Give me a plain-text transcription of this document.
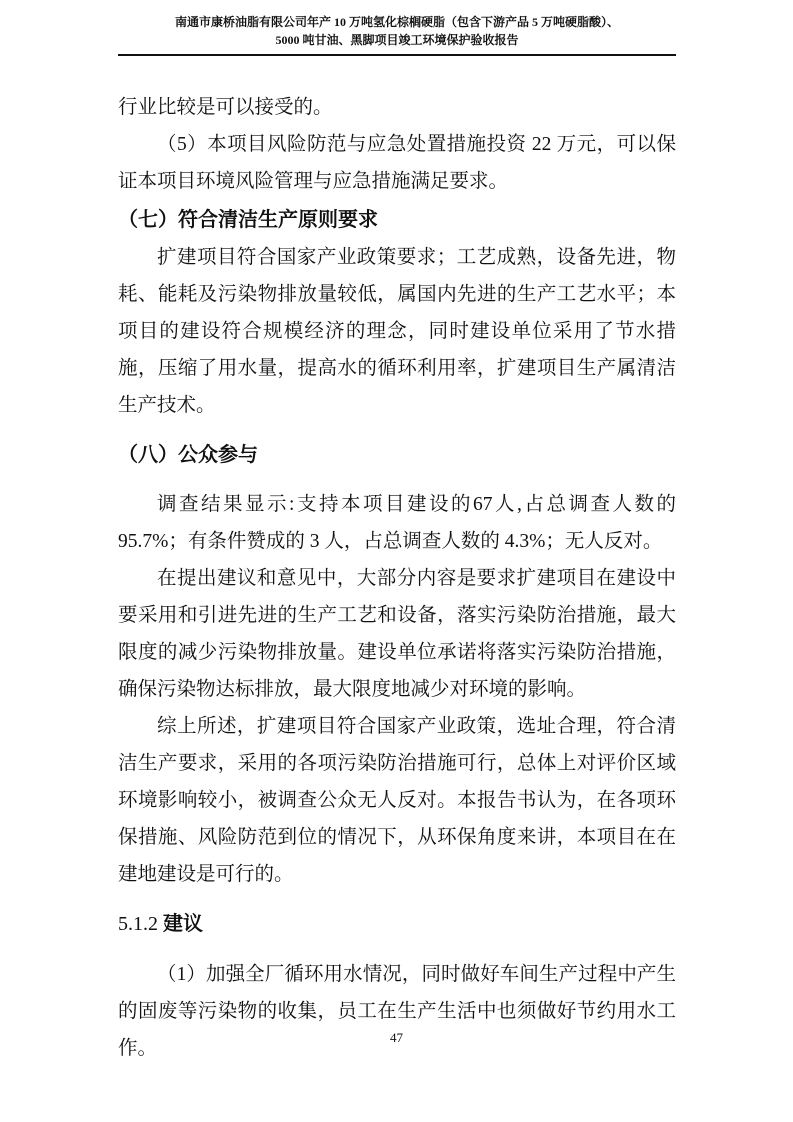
南通市康桥油脂有限公司年产 10 万吨氢化棕榈硬脂（包含下游产品 5 万吨硬脂酸）、
5000 吨甘油、黑脚项目竣工环境保护验收报告

行业比较是可以接受的。

（5）本项目风险防范与应急处置措施投资 22 万元，可以保证本项目环境风险管理与应急措施满足要求。

（七）符合清洁生产原则要求

扩建项目符合国家产业政策要求；工艺成熟，设备先进，物耗、能耗及污染物排放量较低，属国内先进的生产工艺水平；本项目的建设符合规模经济的理念，同时建设单位采用了节水措施，压缩了用水量，提高水的循环利用率，扩建项目生产属清洁生产技术。

（八）公众参与

调查结果显示:支持本项目建设的67人,占总调查人数的95.7%；有条件赞成的 3 人，占总调查人数的 4.3%；无人反对。

在提出建议和意见中，大部分内容是要求扩建项目在建设中要采用和引进先进的生产工艺和设备，落实污染防治措施，最大限度的减少污染物排放量。建设单位承诺将落实污染防治措施，确保污染物达标排放，最大限度地减少对环境的影响。

综上所述，扩建项目符合国家产业政策，选址合理，符合清洁生产要求，采用的各项污染防治措施可行，总体上对评价区域环境影响较小，被调查公众无人反对。本报告书认为，在各项环保措施、风险防范到位的情况下，从环保角度来讲，本项目在在建地建设是可行的。

5.1.2 建议

（1）加强全厂循环用水情况，同时做好车间生产过程中产生的固废等污染物的收集，员工在生产生活中也须做好节约用水工作。

47
